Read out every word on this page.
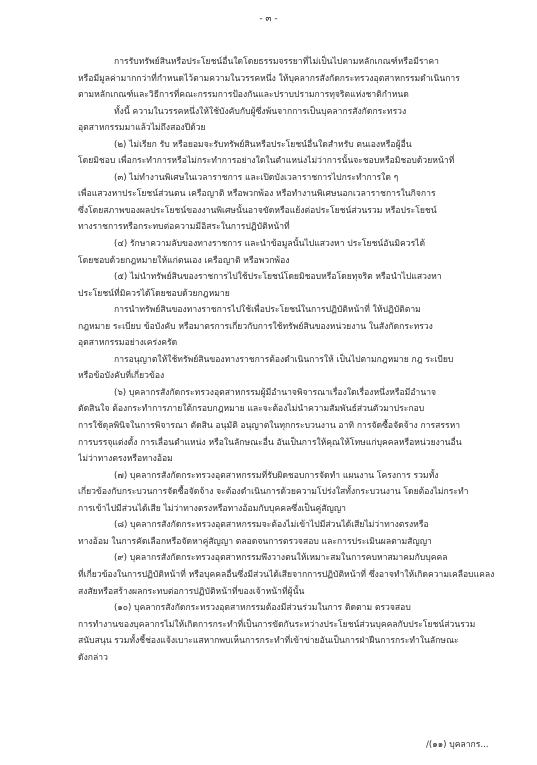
- ๓ -
การรับทรัพย์สินหรือประโยชน์อื่นใดโดยธรรมจรรยาที่ไม่เป็นไปตามหลักเกณฑ์หรือมีราคา
หรือมีมูลค่ามากกว่าที่กำหนดไว้ตามความในวรรคหนึ่ง ให้บุคลากรสังกัดกระทรวงอุตสาหกรรมดำเนินการ
ตามหลักเกณฑ์และวิธีการที่คณะกรรมการป้องกันและปราบปรามการทุจริตแห่งชาติกำหนด
ทั้งนี้ ความในวรรคหนึ่งให้ใช้บังคับกับผู้ซึ่งพ้นจากการเป็นบุคลากรสังกัดกระทรวง
อุตสาหกรรมมาแล้วไม่ถึงสองปีด้วย
(๒) ไม่เรียก รับ หรือยอมจะรับทรัพย์สินหรือประโยชน์อื่นใดสำหรับ ตนเองหรือผู้อื่น
โดยมิชอบ เพื่อกระทำการหรือไม่กระทำการอย่างใดในตำแหน่งไม่ว่าการนั้นจะชอบหรือมิชอบด้วยหน้าที่
(๓) ไม่ทำงานพิเศษในเวลาราชการ และเปิดบังเวลาราชการไปกระทำการใด ๆ
เพื่อแสวงหาประโยชน์ส่วนตน เครือญาติ หรือพวกพ้อง หรือทำงานพิเศษนอกเวลาราชการในกิจการ
ซึ่งโดยสภาพของผลประโยชน์ของงานพิเศษนั้นอาจขัดหรือแย้งต่อประโยชน์ส่วนรวม หรือประโยชน์
ทางราชการหรือกระทบต่อความมีอิสระในการปฏิบัติหน้าที่
(๔) รักษาความลับของทางราชการ และนำข้อมูลนั้นไปแสวงหา ประโยชน์อันมิควรได้
โดยชอบด้วยกฎหมายให้แก่ตนเอง เครือญาติ หรือพวกพ้อง
(๕) ไม่นำทรัพย์สินของราชการไปใช้ประโยชน์โดยมิชอบหรือโดยทุจริต หรือนำไปแสวงหา
ประโยชน์ที่มิควรได้โดยชอบด้วยกฎหมาย
การนำทรัพย์สินของทางราชการไปใช้เพื่อประโยชน์ในการปฏิบัติหน้าที่ ให้ปฏิบัติตาม
กฎหมาย ระเบียบ ข้อบังคับ หรือมาตรการเกี่ยวกับการใช้ทรัพย์สินของหน่วยงาน ในสังกัดกระทรวง
อุตสาหกรรมอย่างเคร่งครัด
การอนุญาตให้ใช้ทรัพย์สินของทางราชการต้องดำเนินการให้ เป็นไปตามกฎหมาย กฎ ระเบียบ
หรือข้อบังคับที่เกี่ยวข้อง
(๖) บุคลากรสังกัดกระทรวงอุตสาหกรรมผู้มีอำนาจพิจารณาเรื่องใดเรื่องหนึ่งหรือมีอำนาจ
ตัดสินใจ ต้องกระทำการภายใต้กรอบกฎหมาย และจะต้องไม่นำความสัมพันธ์ส่วนตัวมาประกอบ
การใช้ดุลพินิจในการพิจารณา ตัดสิน อนุมัติ อนุญาตในทุกกระบวนงาน อาทิ การจัดซื้อจัดจ้าง การสรรหา
การบรรจุแต่งตั้ง การเลื่อนตำแหน่ง หรือในลักษณะอื่น อันเป็นการให้คุณให้โทษแก่บุคคลหรือหน่วยงานอื่น
ไม่ว่าทางตรงหรือทางอ้อม
(๗) บุคลากรสังกัดกระทรวงอุตสาหกรรมที่รับผิดชอบการจัดทำ แผนงาน โครงการ รวมทั้ง
เกี่ยวข้องกับกระบวนการจัดซื้อจัดจ้าง จะต้องดำเนินการด้วยความโปร่งใสทั้งกระบวนงาน โดยต้องไม่กระทำ
การเข้าไปมีส่วนได้เสีย ไม่ว่าทางตรงหรือทางอ้อมกับบุคคลซึ่งเป็นคู่สัญญา
(๘) บุคลากรสังกัดกระทรวงอุตสาหกรรมจะต้องไม่เข้าไปมีส่วนได้เสียไม่ว่าทางตรงหรือ
ทางอ้อม ในการคัดเลือกหรือจัดหาคู่สัญญา ตลอดจนการตรวจสอบ และการประเมินผลตามสัญญา
(๙) บุคลากรสังกัดกระทรวงอุตสาหกรรมพึงวางตนให้เหมาะสมในการคบหาสมาคมกับบุคคล
ที่เกี่ยวข้องในการปฏิบัติหน้าที่ หรือบุคคลอื่นซึ่งมีส่วนได้เสียจากการปฏิบัติหน้าที่ ซึ่งอาจทำให้เกิดความเคลือบแคลง
สงสัยหรือสร้างผลกระทบต่อการปฏิบัติหน้าที่ของเจ้าหน้าที่ผู้นั้น
(๑๐) บุคลากรสังกัดกระทรวงอุตสาหกรรมต้องมีส่วนร่วมในการ ติดตาม ตรวจสอบ
การทำงานของบุคลากรไม่ให้เกิดการกระทำที่เป็นการขัดกันระหว่างประโยชน์ส่วนบุคคลกับประโยชน์ส่วนรวม
สนับสนุน รวมทั้งชี้ช่องแจ้งเบาะแสหากพบเห็นการกระทำที่เข้าข่ายอันเป็นการฝ่าฝืนการกระทำในลักษณะ
ดังกล่าว
/(๑๑) บุคลากร...
